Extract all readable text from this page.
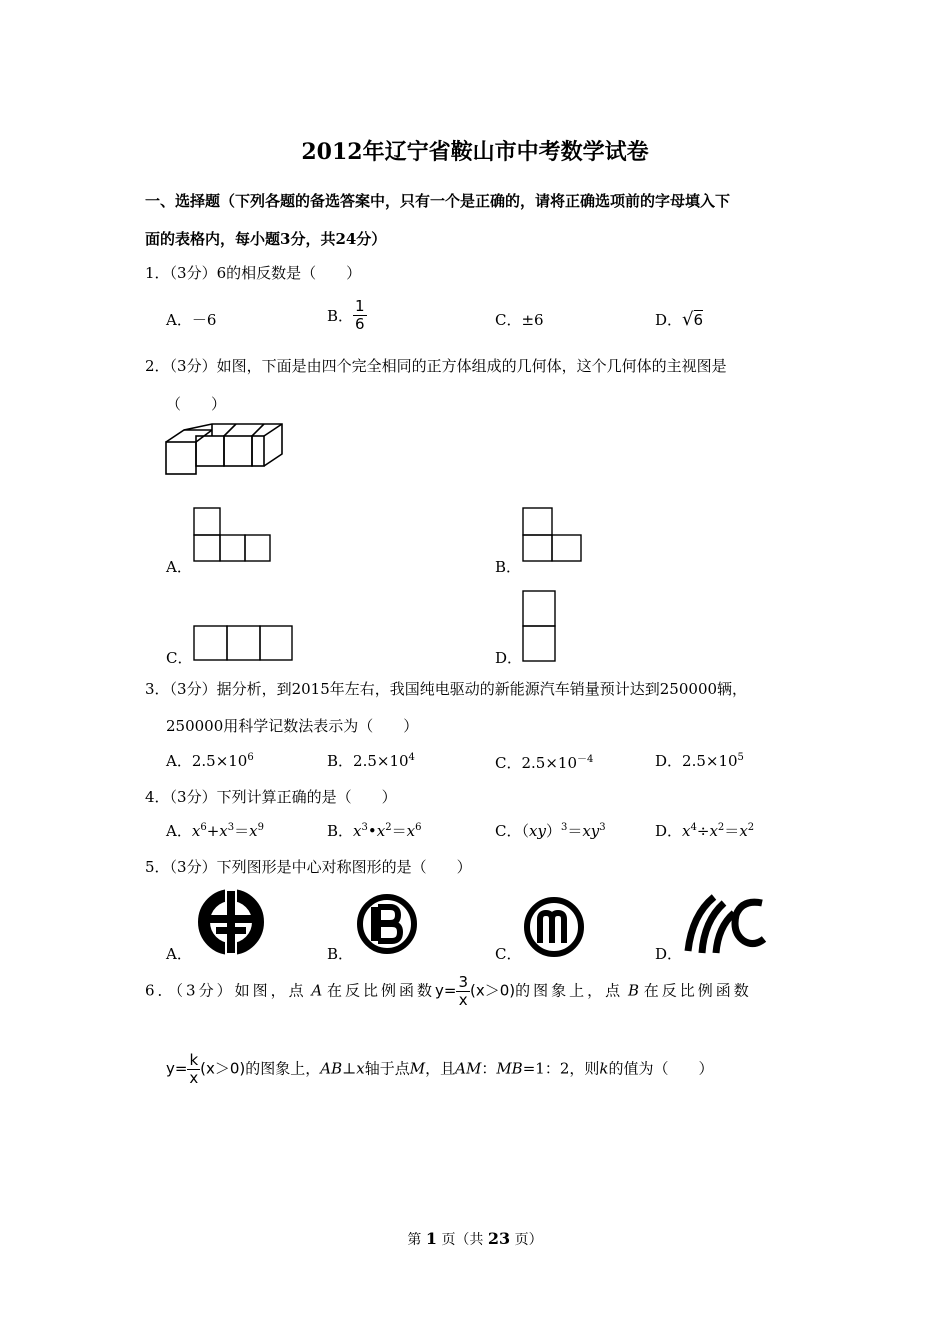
2012年辽宁省鞍山市中考数学试卷
一、选择题（下列各题的备选答案中，只有一个是正确的，请将正确选项前的字母填入下
面的表格内，每小题3分，共24分）
1．（3分）6的相反数是（　　）
A．－6	B． $\frac{1}{6}$	C．±6	D．√6
2．（3分）如图，下面是由四个完全相同的正方体组成的几何体，这个几何体的主视图是
（　　）
A．	B．
C．	D．
3．（3分）据分析，到2015年左右，我国纯电驱动的新能源汽车销量预计达到250000辆，
250000用科学记数法表示为（　　）
A．$2.5\times 10^6$	B．$2.5\times 10^4$	C．$2.5\times 10^{-4}$	D．$2.5\times 10^5$
4．（3分）下列计算正确的是（　　）
A．$x^6+x^3=x^9$	B．$x^3•x^2=x^6$	C．$(xy)^3=xy^3$	D．$x^4\div x^2=x^2$
5．（3分）下列图形是中心对称图形的是（　　）
A．	B．	C．	D．
6．（3分）如图，点 A 在反比例函数$y= \frac{3}{x} (x>0)$的图象上，点 B 在反比例函数
$y= \frac{k}{x} (x>0)$的图象上，AB⊥x轴于点M，且AM：MB=1：2，则k的值为（　　）
第 1 页（共 23 页）
